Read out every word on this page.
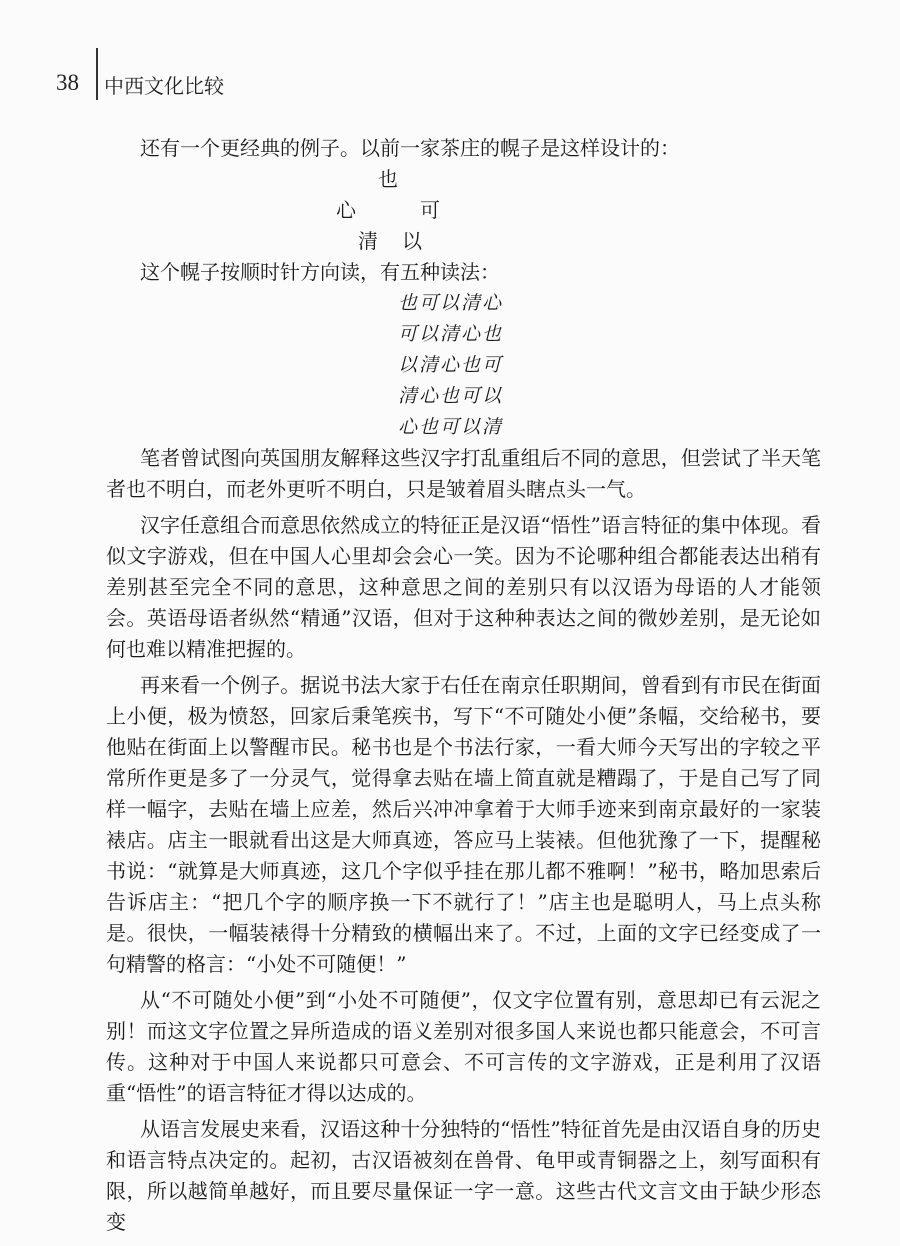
38 中西文化比较

还有一个更经典的例子。以前一家茶庄的幌子是这样设计的：

也
心	可
清 以

这个幌子按顺时针方向读，有五种读法：

也可以清心
可以清心也
以清心也可
清心也可以
心也可以清

笔者曾试图向英国朋友解释这些汉字打乱重组后不同的意思，但尝试了半天笔者也不明白，而老外更听不明白，只是皱着眉头瞎点头一气。

汉字任意组合而意思依然成立的特征正是汉语“悟性”语言特征的集中体现。看似文字游戏，但在中国人心里却会会心一笑。因为不论哪种组合都能表达出稍有差别甚至完全不同的意思，这种意思之间的差别只有以汉语为母语的人才能领会。英语母语者纵然“精通”汉语，但对于这种种表达之间的微妙差别，是无论如何也难以精准把握的。

再来看一个例子。据说书法大家于右任在南京任职期间，曾看到有市民在街面上小便，极为愤怒，回家后秉笔疾书，写下“不可随处小便”条幅，交给秘书，要他贴在街面上以警醒市民。秘书也是个书法行家，一看大师今天写出的字较之平常所作更是多了一分灵气，觉得拿去贴在墙上简直就是糟蹋了，于是自己写了同样一幅字，去贴在墙上应差，然后兴冲冲拿着于大师手迹来到南京最好的一家装裱店。店主一眼就看出这是大师真迹，答应马上装裱。但他犹豫了一下，提醒秘书说：“就算是大师真迹，这几个字似乎挂在那儿都不雅啊！”秘书，略加思索后告诉店主：“把几个字的顺序换一下不就行了！”店主也是聪明人，马上点头称是。很快，一幅装裱得十分精致的横幅出来了。不过，上面的文字已经变成了一句精警的格言：“小处不可随便！”

从“不可随处小便”到“小处不可随便”，仅文字位置有别，意思却已有云泥之别！而这文字位置之异所造成的语义差别对很多国人来说也都只能意会，不可言传。这种对于中国人来说都只可意会、不可言传的文字游戏，正是利用了汉语重“悟性”的语言特征才得以达成的。

从语言发展史来看，汉语这种十分独特的“悟性”特征首先是由汉语自身的历史和语言特点决定的。起初，古汉语被刻在兽骨、龟甲或青铜器之上，刻写面积有限，所以越简单越好，而且要尽量保证一字一意。这些古代文言文由于缺少形态变
